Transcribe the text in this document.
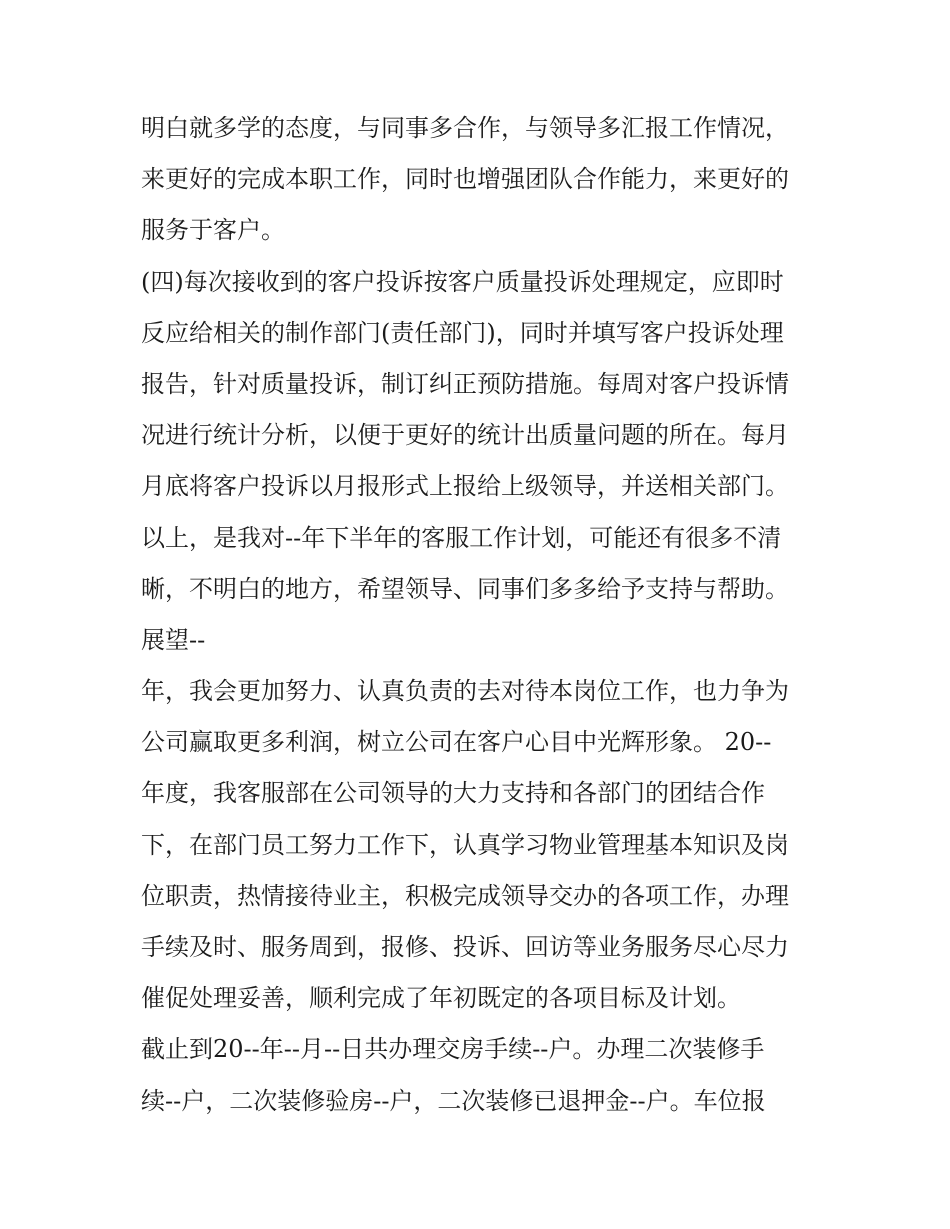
明白就多学的态度，与同事多合作，与领导多汇报工作情况，

来更好的完成本职工作，同时也增强团队合作能力，来更好的

服务于客户。

(四)每次接收到的客户投诉按客户质量投诉处理规定，应即时

反应给相关的制作部门(责任部门)，同时并填写客户投诉处理

报告，针对质量投诉，制订纠正预防措施。每周对客户投诉情

况进行统计分析，以便于更好的统计出质量问题的所在。每月

月底将客户投诉以月报形式上报给上级领导，并送相关部门。

以上，是我对--年下半年的客服工作计划，可能还有很多不清

晰，不明白的地方，希望领导、同事们多多给予支持与帮助。

展望--

年，我会更加努力、认真负责的去对待本岗位工作，也力争为

公司赢取更多利润，树立公司在客户心目中光辉形象。 20--

年度，我客服部在公司领导的大力支持和各部门的团结合作

下，在部门员工努力工作下，认真学习物业管理基本知识及岗

位职责，热情接待业主，积极完成领导交办的各项工作，办理

手续及时、服务周到，报修、投诉、回访等业务服务尽心尽力

催促处理妥善，顺利完成了年初既定的各项目标及计划。

截止到20--年--月--日共办理交房手续--户。办理二次装修手

续--户，二次装修验房--户，二次装修已退押金--户。车位报
